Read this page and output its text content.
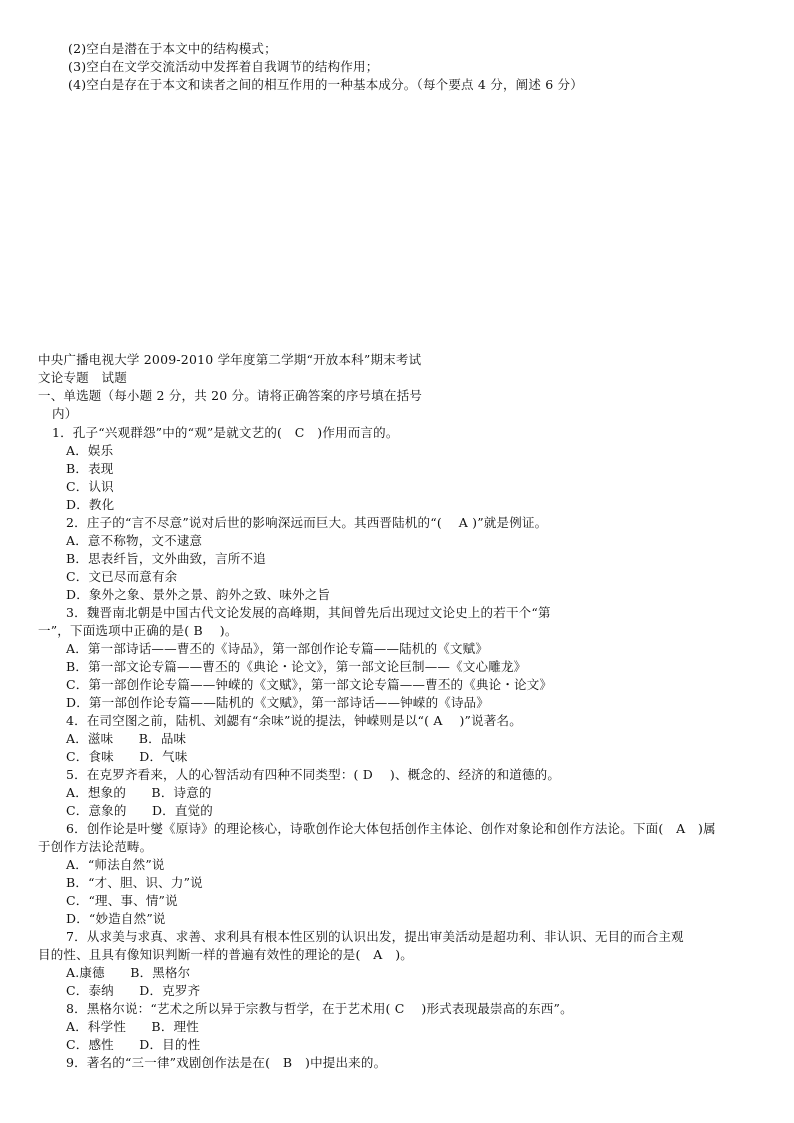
(2)空白是潜在于本文中的结构模式；
(3)空白在文学交流活动中发挥着自我调节的结构作用；
(4)空白是存在于本文和读者之间的相互作用的一种基本成分。（每个要点 4 分，阐述 6 分）
中央广播电视大学 2009-2010 学年度第二学期“开放本科”期末考试
文论专题　试题
一、单选题（每小题 2 分，共 20 分。请将正确答案的序号填在括号
内）
1．孔子“兴观群怨”中的“观”是就文艺的(　C　)作用而言的。
A．娱乐
B．表现
C．认识
D．教化
2．庄子的“言不尽意”说对后世的影响深远而巨大。其西晋陆机的“(　 A )”就是例证。
A．意不称物，文不逮意
B．思表纤旨，文外曲致，言所不追
C．文已尽而意有余
D．象外之象、景外之景、韵外之致、味外之旨
3．魏晋南北朝是中国古代文论发展的高峰期，其间曾先后出现过文论史上的若干个“第
一”，下面选项中正确的是( B　 )。
A．第一部诗话——曹丕的《诗品》，第一部创作论专篇——陆机的《文赋》
B．第一部文论专篇——曹丕的《典论・论文》，第一部文论巨制——《文心雕龙》
C．第一部创作论专篇——钟嵘的《文赋》，第一部文论专篇——曹丕的《典论・论文》
D．第一部创作论专篇——陆机的《文赋》，第一部诗话——钟嵘的《诗品》
4．在司空图之前，陆机、刘勰有“余味”说的提法，钟嵘则是以“( A　 )”说著名。
A．滋味　　B．品味
C．食味　　D．气味
5．在克罗齐看来，人的心智活动有四种不同类型：( D　 )、概念的、经济的和道德的。
A．想象的　　B．诗意的
C．意象的　　D．直觉的
6．创作论是叶燮《原诗》的理论核心，诗歌创作论大体包括创作主体论、创作对象论和创作方法论。下面(　A　)属
于创作方法论范畴。
A．“师法自然”说
B．“才、胆、识、力”说
C．“理、事、情”说
D．“妙造自然”说
7．从求美与求真、求善、求利具有根本性区别的认识出发，提出审美活动是超功利、非认识、无目的而合主观
目的性、且具有像知识判断一样的普遍有效性的理论的是(　A　)。
A.康德　　B．黑格尔
C．泰纳　　D．克罗齐
8．黑格尔说：“艺术之所以异于宗教与哲学，在于艺术用( C　 )形式表现最崇高的东西”。
A．科学性　　B．理性
C．感性　　D．目的性
9．著名的“三一律”戏剧创作法是在(　B　)中提出来的。
